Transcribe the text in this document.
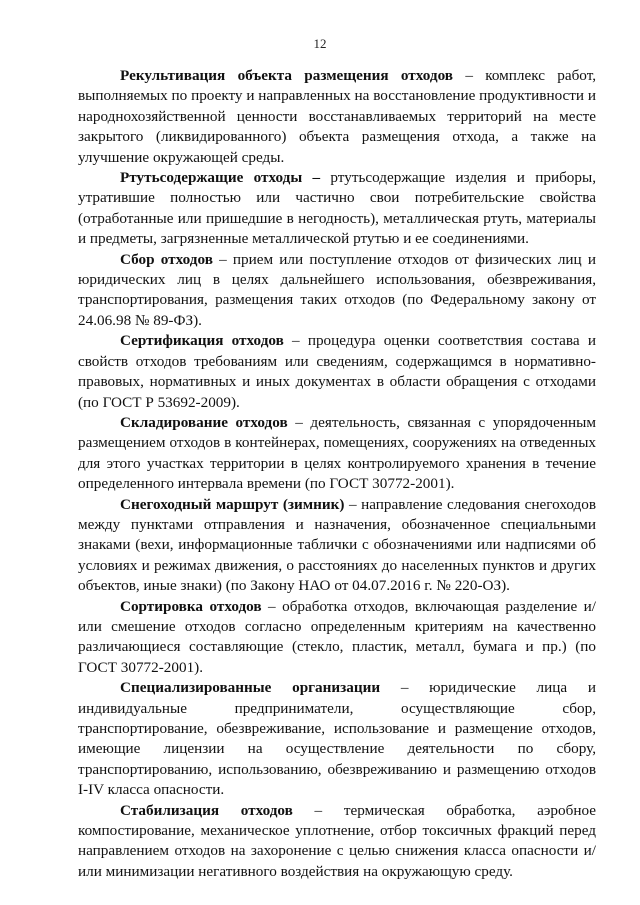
12

Рекультивация объекта размещения отходов – комплекс работ, выполняемых по проекту и направленных на восстановление продуктивности и народнохозяйственной ценности восстанавливаемых территорий на месте закрытого (ликвидированного) объекта размещения отхода, а также на улучшение окружающей среды.

Ртутьсодержащие отходы – ртутьсодержащие изделия и приборы, утратившие полностью или частично свои потребительские свойства (отработанные или пришедшие в негодность), металлическая ртуть, материалы и предметы, загрязненные металлической ртутью и ее соединениями.

Сбор отходов – прием или поступление отходов от физических лиц и юридических лиц в целях дальнейшего использования, обезвреживания, транспортирования, размещения таких отходов (по Федеральному закону от 24.06.98 № 89-ФЗ).

Сертификация отходов – процедура оценки соответствия состава и свойств отходов требованиям или сведениям, содержащимся в нормативно-правовых, нормативных и иных документах в области обращения с отходами (по ГОСТ Р 53692-2009).

Складирование отходов – деятельность, связанная с упорядоченным размещением отходов в контейнерах, помещениях, сооружениях на отведенных для этого участках территории в целях контролируемого хранения в течение определенного интервала времени (по ГОСТ 30772-2001).

Снегоходный маршрут (зимник) – направление следования снегоходов между пунктами отправления и назначения, обозначенное специальными знаками (вехи, информационные таблички с обозначениями или надписями об условиях и режимах движения, о расстояниях до населенных пунктов и других объектов, иные знаки) (по Закону НАО от 04.07.2016 г. № 220-ОЗ).

Сортировка отходов – обработка отходов, включающая разделение и/или смешение отходов согласно определенным критериям на качественно различающиеся составляющие (стекло, пластик, металл, бумага и пр.) (по ГОСТ 30772-2001).

Специализированные организации – юридические лица и индивидуальные предприниматели, осуществляющие сбор, транспортирование, обезвреживание, использование и размещение отходов, имеющие лицензии на осуществление деятельности по сбору, транспортированию, использованию, обезвреживанию и размещению отходов I-IV класса опасности.

Стабилизация отходов – термическая обработка, аэробное компостирование, механическое уплотнение, отбор токсичных фракций перед направлением отходов на захоронение с целью снижения класса опасности и/или минимизации негативного воздействия на окружающую среду.
